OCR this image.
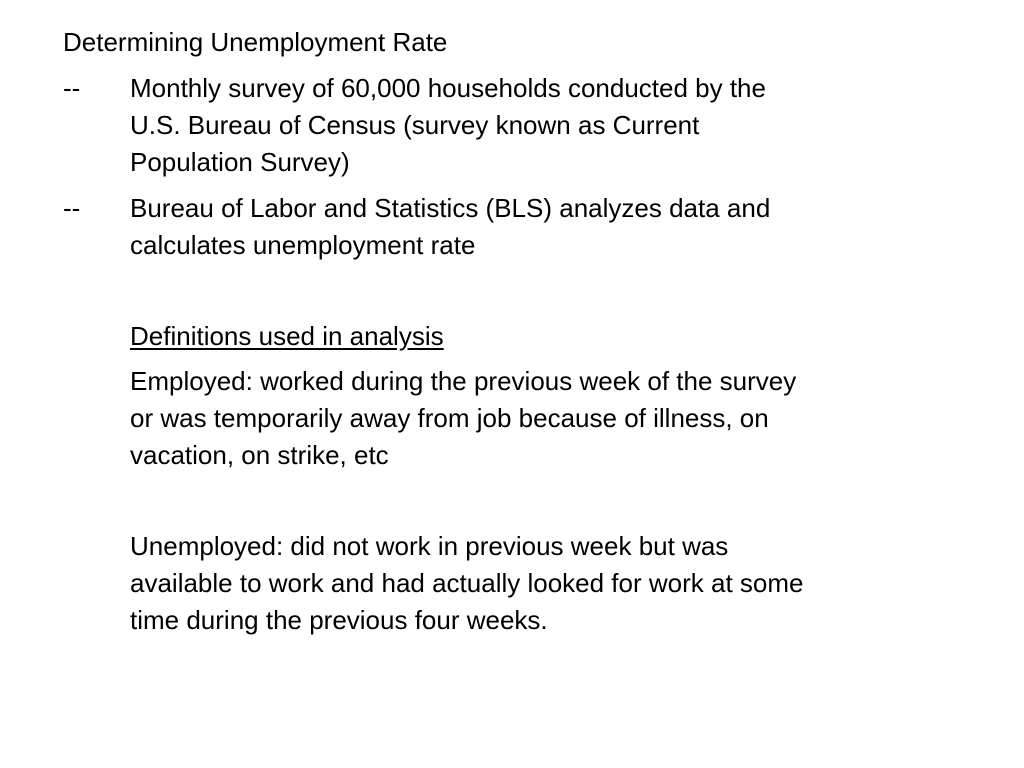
Determining Unemployment Rate
-- Monthly survey of 60,000 households conducted by the
U.S. Bureau of Census (survey known as Current
Population Survey)
-- Bureau of Labor and Statistics (BLS) analyzes data and
calculates unemployment rate
Definitions used in analysis
Employed: worked during the previous week of the survey
or was temporarily away from job because of illness, on
vacation, on strike, etc
Unemployed: did not work in previous week but was
available to work and had actually looked for work at some
time during the previous four weeks.
